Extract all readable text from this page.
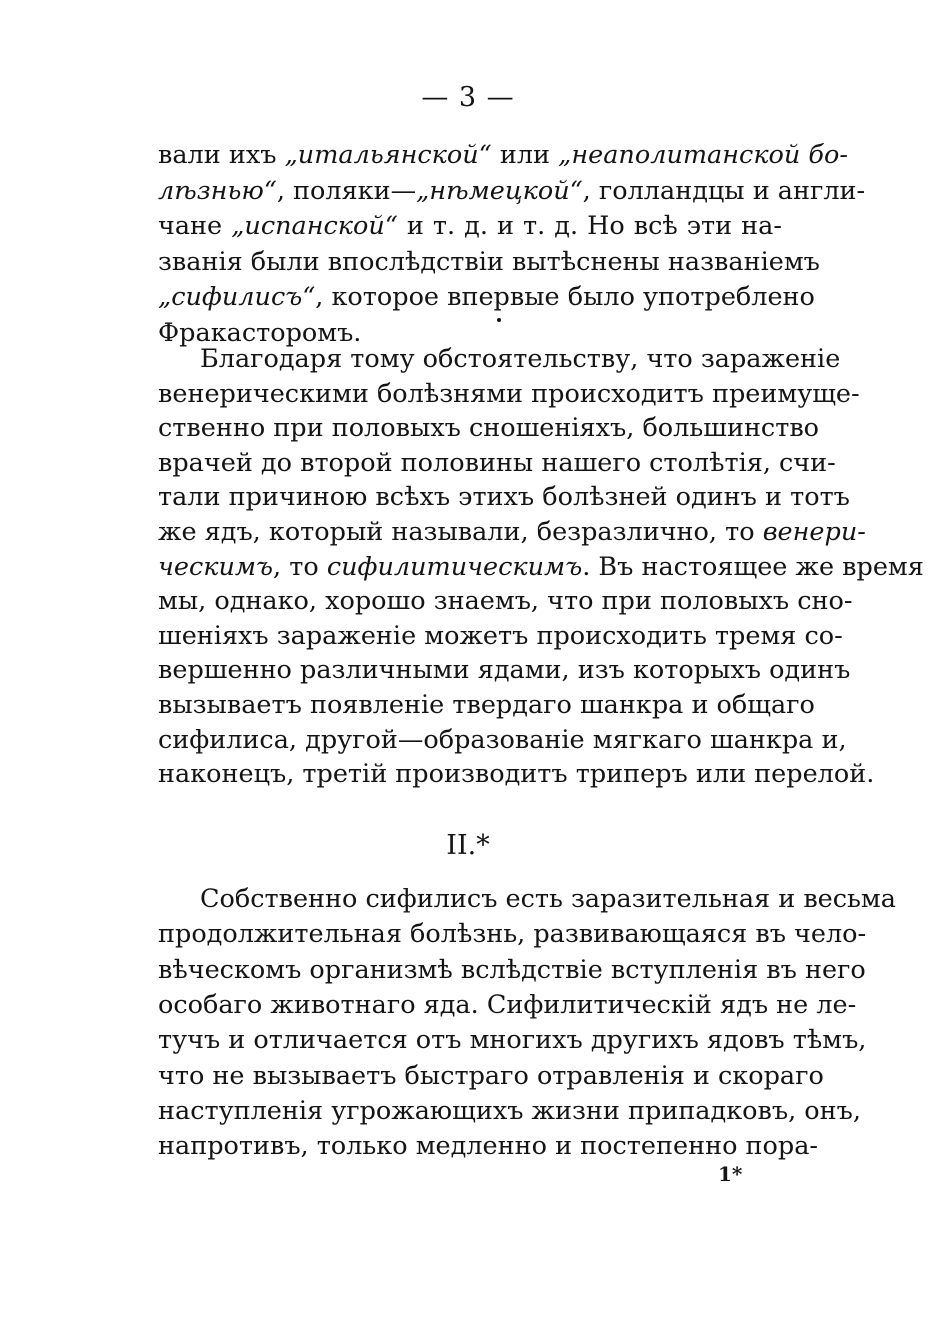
— 3 —
вали ихъ „итальянской“ или „неаполитанской бо-
лѣзнью“, поляки—„нѣмецкой“, голландцы и англи-
чане „испанской“ и т. д. и т. д. Но всѣ эти на-
званія были впослѣдствіи вытѣснены названіемъ
„сифилисъ“, которое впервые было употреблено
Фракасторомъ.
Благодаря тому обстоятельству, что зараженіе
венерическими болѣзнями происходитъ преимуще-
ственно при половыхъ сношеніяхъ, большинство
врачей до второй половины нашего столѣтія, счи-
тали причиною всѣхъ этихъ болѣзней одинъ и тотъ
же ядъ, который называли, безразлично, то венери-
ческимъ, то сифилитическимъ. Въ настоящее же время
мы, однако, хорошо знаемъ, что при половыхъ сно-
шеніяхъ зараженіе можетъ происходить тремя со-
вершенно различными ядами, изъ которыхъ одинъ
вызываетъ появленіе твердаго шанкра и общаго
сифилиса, другой—образованіе мягкаго шанкра и,
наконецъ, третій производитъ триперъ или перелой.
II.*
Собственно сифилисъ есть заразительная и весьма
продолжительная болѣзнь, развивающаяся въ чело-
вѣческомъ организмѣ вслѣдствіе вступленія въ него
особаго животнаго яда. Сифилитическій ядъ не ле-
тучъ и отличается отъ многихъ другихъ ядовъ тѣмъ,
что не вызываетъ быстраго отравленія и скораго
наступленія угрожающихъ жизни припадковъ, онъ,
напротивъ, только медленно и постепенно пора-
1*
